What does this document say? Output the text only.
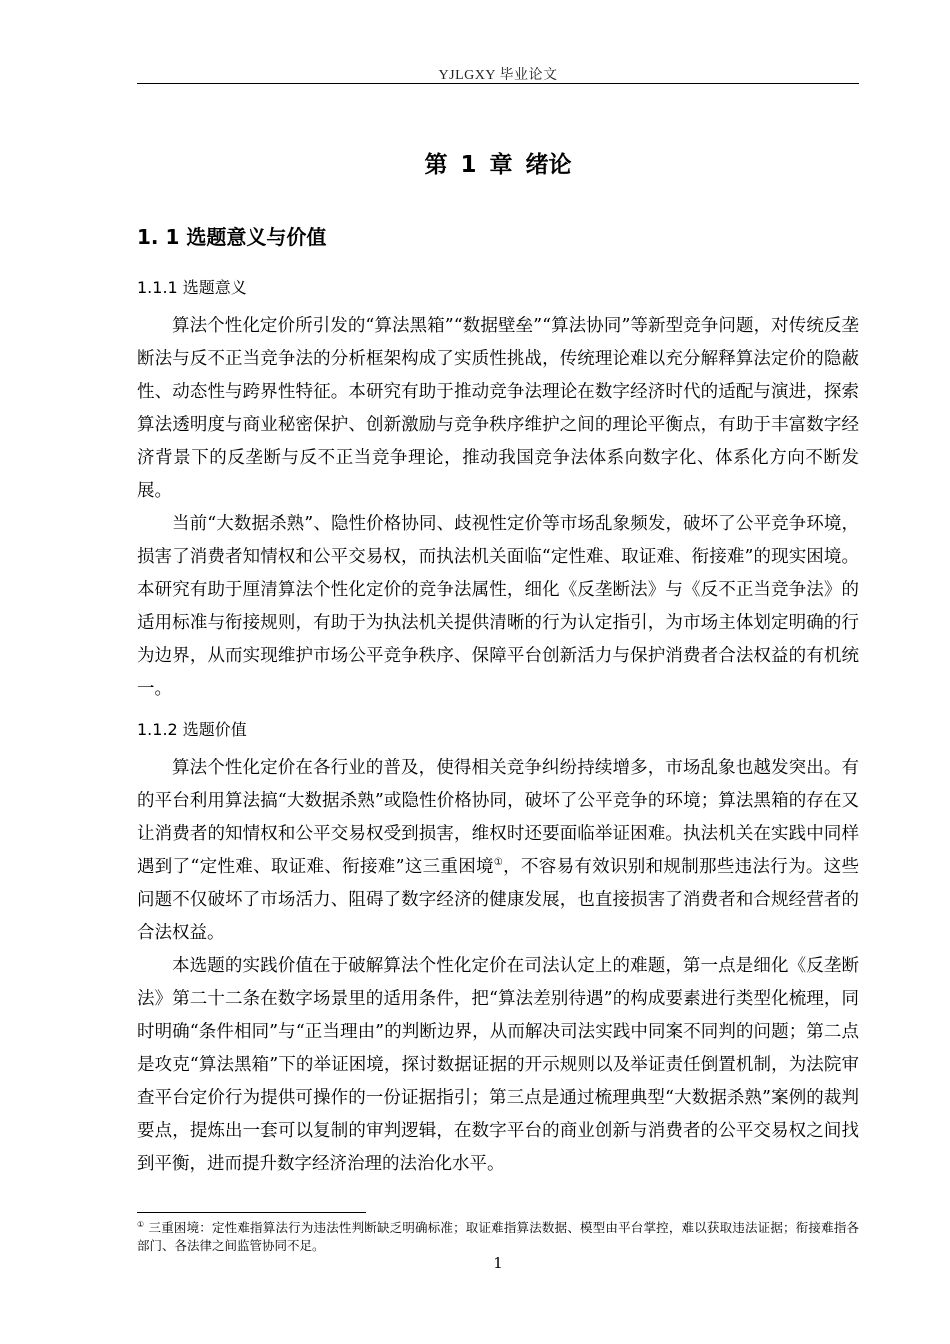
YJLGXY 毕业论文
第 1 章 绪论
1. 1 选题意义与价值
1.1.1 选题意义

算法个性化定价所引发的“算法黑箱”“数据壁垒”“算法协同”等新型竞争问题，对传统反垄断法与反不正当竞争法的分析框架构成了实质性挑战，传统理论难以充分解释算法定价的隐蔽性、动态性与跨界性特征。本研究有助于推动竞争法理论在数字经济时代的适配与演进，探索算法透明度与商业秘密保护、创新激励与竞争秩序维护之间的理论平衡点，有助于丰富数字经济背景下的反垄断与反不正当竞争理论，推动我国竞争法体系向数字化、体系化方向不断发展。

当前“大数据杀熟”、隐性价格协同、歧视性定价等市场乱象频发，破坏了公平竞争环境，损害了消费者知情权和公平交易权，而执法机关面临“定性难、取证难、衔接难”的现实困境。本研究有助于厘清算法个性化定价的竞争法属性，细化《反垄断法》与《反不正当竞争法》的适用标准与衔接规则，有助于为执法机关提供清晰的行为认定指引，为市场主体划定明确的行为边界，从而实现维护市场公平竞争秩序、保障平台创新活力与保护消费者合法权益的有机统一。

1.1.2 选题价值

算法个性化定价在各行业的普及，使得相关竞争纠纷持续增多，市场乱象也越发突出。有的平台利用算法搞“大数据杀熟”或隐性价格协同，破坏了公平竞争的环境；算法黑箱的存在又让消费者的知情权和公平交易权受到损害，维权时还要面临举证困难。执法机关在实践中同样遇到了“定性难、取证难、衔接难”这三重困境①，不容易有效识别和规制那些违法行为。这些问题不仅破坏了市场活力、阻碍了数字经济的健康发展，也直接损害了消费者和合规经营者的合法权益。

本选题的实践价值在于破解算法个性化定价在司法认定上的难题，第一点是细化《反垄断法》第二十二条在数字场景里的适用条件，把“算法差别待遇”的构成要素进行类型化梳理，同时明确“条件相同”与“正当理由”的判断边界，从而解决司法实践中同案不同判的问题；第二点是攻克“算法黑箱”下的举证困境，探讨数据证据的开示规则以及举证责任倒置机制，为法院审查平台定价行为提供可操作的一份证据指引；第三点是通过梳理典型“大数据杀熟”案例的裁判要点，提炼出一套可以复制的审判逻辑，在数字平台的商业创新与消费者的公平交易权之间找到平衡，进而提升数字经济治理的法治化水平。

① 三重困境：定性难指算法行为违法性判断缺乏明确标准；取证难指算法数据、模型由平台掌控，难以获取违法证据；衔接难指各部门、各法律之间监管协同不足。
1
